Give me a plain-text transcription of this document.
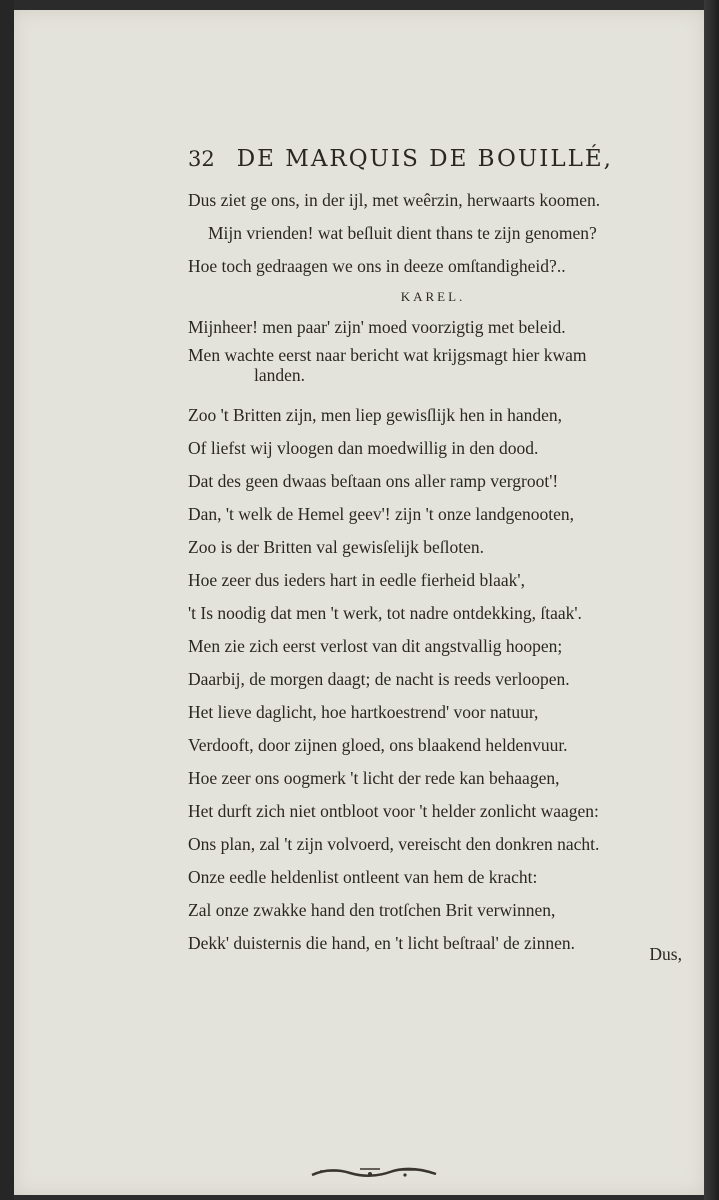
32 DE MARQUIS DE BOUILLÉ,
Dus ziet ge ons, in der ijl, met weêrzin, herwaarts koomen.
Mijn vrienden! wat beſluit dient thans te zijn genomen?
Hoe toch gedraagen we ons in deeze omſtandigheid?..
KAREL.
Mijnheer! men paar' zijn' moed voorzigtig met beleid.
Men wachte eerst naar bericht wat krijgsmagt hier kwam
landen.
Zoo 't Britten zijn, men liep gewisſlijk hen in handen,
Of liefst wij vloogen dan moedwillig in den dood.
Dat des geen dwaas beſtaan ons aller ramp vergroot'!
Dan, 't welk de Hemel geev'! zijn 't onze landgenooten,
Zoo is der Britten val gewisſelijk beſloten.
Hoe zeer dus ieders hart in eedle fierheid blaak',
't Is noodig dat men 't werk, tot nadre ontdekking, ſtaak'.
Men zie zich eerst verlost van dit angstvallig hoopen;
Daarbij, de morgen daagt; de nacht is reeds verloopen.
Het lieve daglicht, hoe hartkoestrend' voor natuur,
Verdooft, door zijnen gloed, ons blaakend heldenvuur.
Hoe zeer ons oogmerk 't licht der rede kan behaagen,
Het durft zich niet ontbloot voor 't helder zonlicht waagen:
Ons plan, zal 't zijn volvoerd, vereischt den donkren nacht.
Onze eedle heldenlist ontleent van hem de kracht:
Zal onze zwakke hand den trotſchen Brit verwinnen,
Dekk' duisternis die hand, en 't licht beſtraal' de zinnen.
Dus,
